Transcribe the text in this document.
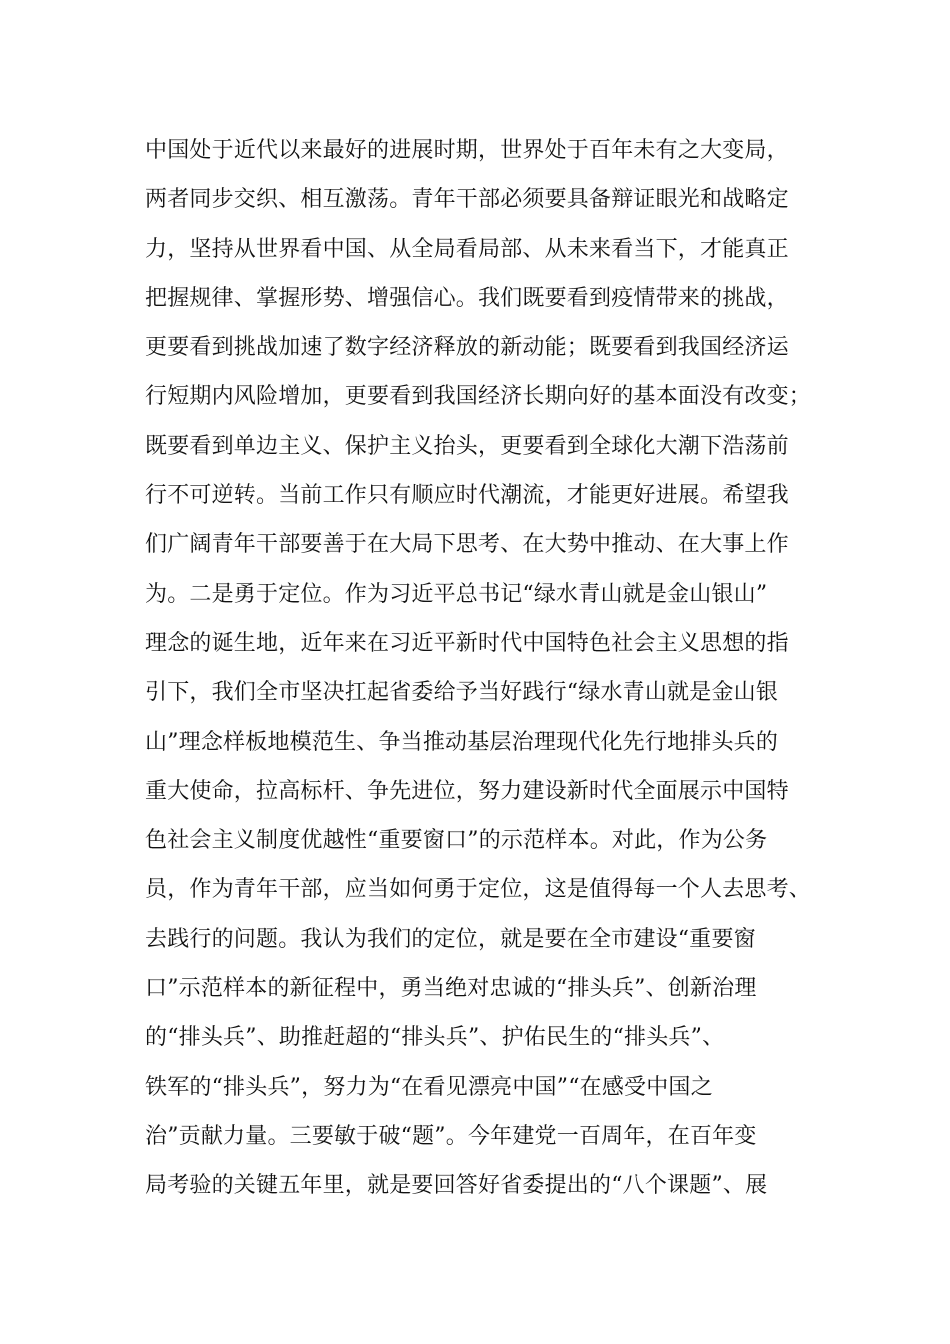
中国处于近代以来最好的进展时期，世界处于百年未有之大变局，
两者同步交织、相互激荡。青年干部必须要具备辩证眼光和战略定
力，坚持从世界看中国、从全局看局部、从未来看当下，才能真正
把握规律、掌握形势、增强信心。我们既要看到疫情带来的挑战，
更要看到挑战加速了数字经济释放的新动能；既要看到我国经济运
行短期内风险增加，更要看到我国经济长期向好的基本面没有改变；
既要看到单边主义、保护主义抬头，更要看到全球化大潮下浩荡前
行不可逆转。当前工作只有顺应时代潮流，才能更好进展。希望我
们广阔青年干部要善于在大局下思考、在大势中推动、在大事上作
为。二是勇于定位。作为习近平总书记“绿水青山就是金山银山”
理念的诞生地，近年来在习近平新时代中国特色社会主义思想的指
引下，我们全市坚决扛起省委给予当好践行“绿水青山就是金山银
山”理念样板地模范生、争当推动基层治理现代化先行地排头兵的
重大使命，拉高标杆、争先进位，努力建设新时代全面展示中国特
色社会主义制度优越性“重要窗口”的示范样本。对此，作为公务
员，作为青年干部，应当如何勇于定位，这是值得每一个人去思考、
去践行的问题。我认为我们的定位，就是要在全市建设“重要窗
口”示范样本的新征程中，勇当绝对忠诚的“排头兵”、创新治理
的“排头兵”、助推赶超的“排头兵”、护佑民生的“排头兵”、
铁军的“排头兵”，努力为“在看见漂亮中国”“在感受中国之
治”贡献力量。三要敏于破“题”。今年建党一百周年，在百年变
局考验的关键五年里，就是要回答好省委提出的“八个课题”、展
